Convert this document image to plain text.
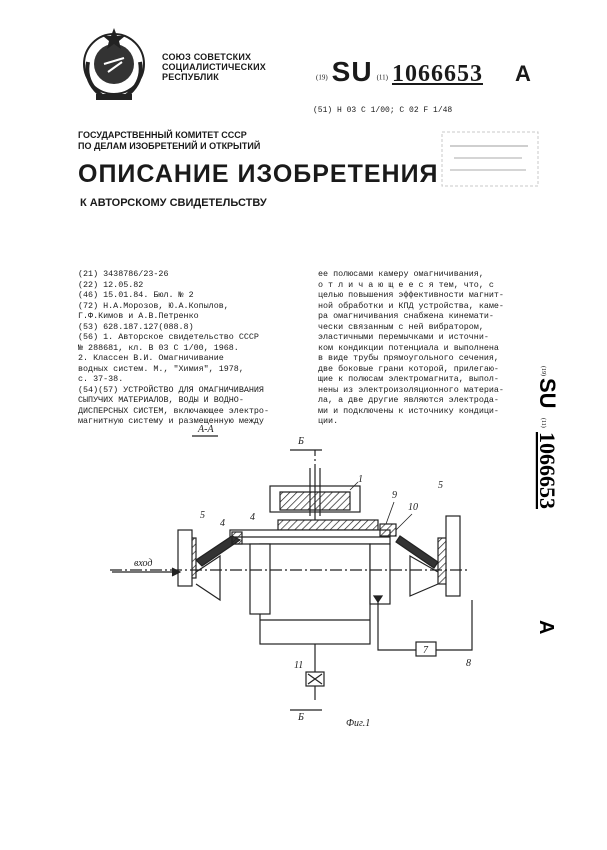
СОЮЗ СОВЕТСКИХ
СОЦИАЛИСТИЧЕСКИХ
РЕСПУБЛИК	(19) SU (11) 1066653 A
(51) Н 03 С 1/00; С 02 F 1/48
ГОСУДАРСТВЕННЫЙ КОМИТЕТ СССР
ПО ДЕЛАМ ИЗОБРЕТЕНИЙ И ОТКРЫТИЙ
ОПИСАНИЕ ИЗОБРЕТЕНИЯ
К АВТОРСКОМУ СВИДЕТЕЛЬСТВУ
(21) 3438786/23-26
(22) 12.05.82
(46) 15.01.84. Бюл. № 2
(72) Н.А.Морозов, Ю.А.Копылов,
Г.Ф.Кимов и А.В.Петренко
(53) 628.187.127(088.8)
(56) 1. Авторское свидетельство СССР
№ 288681, кл. В 03 С 1/00, 1968.
2. Классен В.И. Омагничивание
водных систем. М., "Химия", 1978,
с. 37-38.
(54)(57) УСТРОЙСТВО ДЛЯ ОМАГНИЧИВАНИЯ
СЫПУЧИХ МАТЕРИАЛОВ, ВОДЫ И ВОДНО-
ДИСПЕРСНЫХ СИСТЕМ, включающее электро-
магнитную систему и размещенную между
ее полюсами камеру омагничивания,
о т л и ч а ю щ е е с я тем, что, с
целью повышения эффективности магнит-
ной обработки и КПД устройства, каме-
ра омагничивания снабжена кинемати-
чески связанным с ней вибратором,
эластичными перемычками и источни-
ком кондикции потенциала и выполнена
в виде трубы прямоугольного сечения,
две боковые грани которой, прилегаю-
щие к полюсам электромагнита, выпол-
нены из электроизоляционного материа-
ла, а две другие являются электрода-
ми и подключены к источнику кондици-
ции.
(19)
SU
(11)
1066653
A
А-А
Б
Б
вход
11
7
8
1
4
4
5
5
9
10
Фиг.1
